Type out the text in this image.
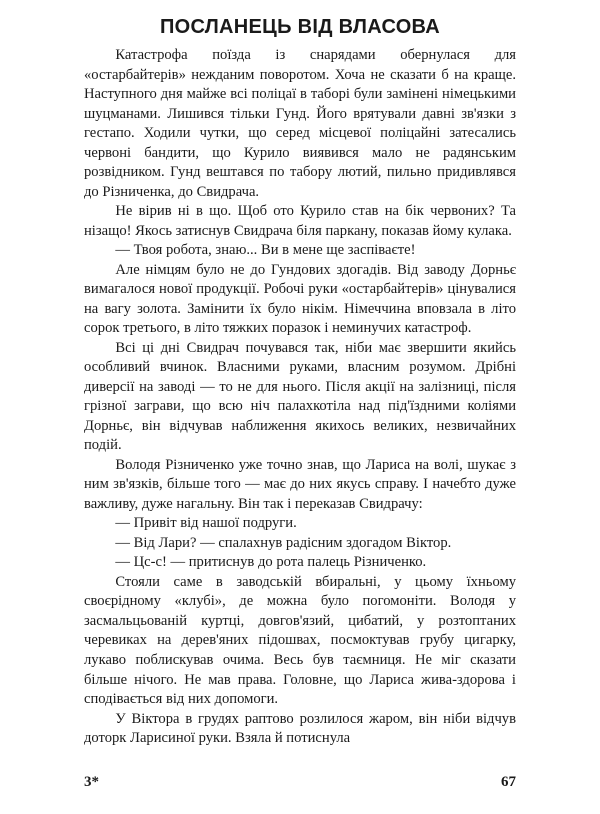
ПОСЛАНЕЦЬ ВІД ВЛАСОВА

Катастрофа поїзда із снарядами обернулася для «остарбайтерів» нежданим поворотом. Хоча не сказати б на краще. Наступного дня майже всі поліцаї в таборі були замінені німецькими шуцманами. Лишився тільки Гунд. Його врятували давні зв'язки з гестапо. Ходили чутки, що серед місцевої поліцайні затесались червоні бандити, що Курило виявився мало не радянським розвідником. Гунд вештався по табору лютий, пильно придивлявся до Різниченка, до Свидрача.

Не вірив ні в що. Щоб ото Курило став на бік червоних? Та нізащо! Якось затиснув Свидрача біля паркану, показав йому кулака.

— Твоя робота, знаю... Ви в мене ще заспіваєте!

Але німцям було не до Гундових здогадів. Від заводу Дорньє вимагалося нової продукції. Робочі руки «остарбайтерів» цінувалися на вагу золота. Замінити їх було нікім. Німеччина вповзала в літо сорок третього, в літо тяжких поразок і неминучих катастроф.

Всі ці дні Свидрач почувався так, ніби має звершити якийсь особливий вчинок. Власними руками, власним розумом. Дрібні диверсії на заводі — то не для нього. Після акції на залізниці, після грізної заграви, що всю ніч палахкотіла над під'їздними коліями Дорньє, він відчував наближення якихось великих, незвичайних подій.

Володя Різниченко уже точно знав, що Лариса на волі, шукає з ним зв'язків, більше того — має до них якусь справу. І начебто дуже важливу, дуже нагальну. Він так і переказав Свидрачу:

— Привіт від нашої подруги.

— Від Лари? — спалахнув радісним здогадом Віктор.

— Цс-с! — притиснув до рота палець Різниченко.

Стояли саме в заводській вбиральні, у цьому їхньому своєрідному «клубі», де можна було погомоніти. Володя у засмальцьованій куртці, довгов'язий, цибатий, у розтоптаних черевиках на дерев'яних підошвах, посмоктував грубу цигарку, лукаво поблискував очима. Весь був таємниця. Не міг сказати більше нічого. Не мав права. Головне, що Лариса жива-здорова і сподівається від них допомоги.

У Віктора в грудях раптово розлилося жаром, він ніби відчув доторк Ларисиної руки. Взяла й потиснула

3*	67
